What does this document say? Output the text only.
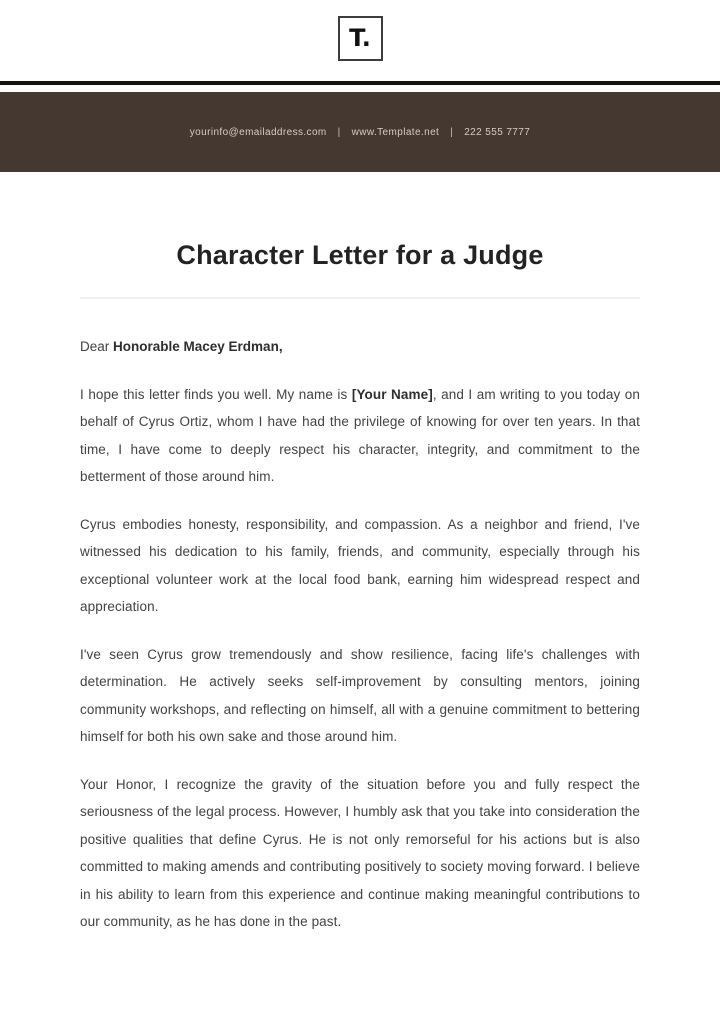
T.
yourinfo@emailaddress.com | www.Template.net | 222 555 7777
Character Letter for a Judge

Dear Honorable Macey Erdman,

I hope this letter finds you well. My name is [Your Name], and I am writing to you today on behalf of Cyrus Ortiz, whom I have had the privilege of knowing for over ten years. In that time, I have come to deeply respect his character, integrity, and commitment to the betterment of those around him.

Cyrus embodies honesty, responsibility, and compassion. As a neighbor and friend, I've witnessed his dedication to his family, friends, and community, especially through his exceptional volunteer work at the local food bank, earning him widespread respect and appreciation.

I've seen Cyrus grow tremendously and show resilience, facing life's challenges with determination. He actively seeks self-improvement by consulting mentors, joining community workshops, and reflecting on himself, all with a genuine commitment to bettering himself for both his own sake and those around him.

Your Honor, I recognize the gravity of the situation before you and fully respect the seriousness of the legal process. However, I humbly ask that you take into consideration the positive qualities that define Cyrus. He is not only remorseful for his actions but is also committed to making amends and contributing positively to society moving forward. I believe in his ability to learn from this experience and continue making meaningful contributions to our community, as he has done in the past.
